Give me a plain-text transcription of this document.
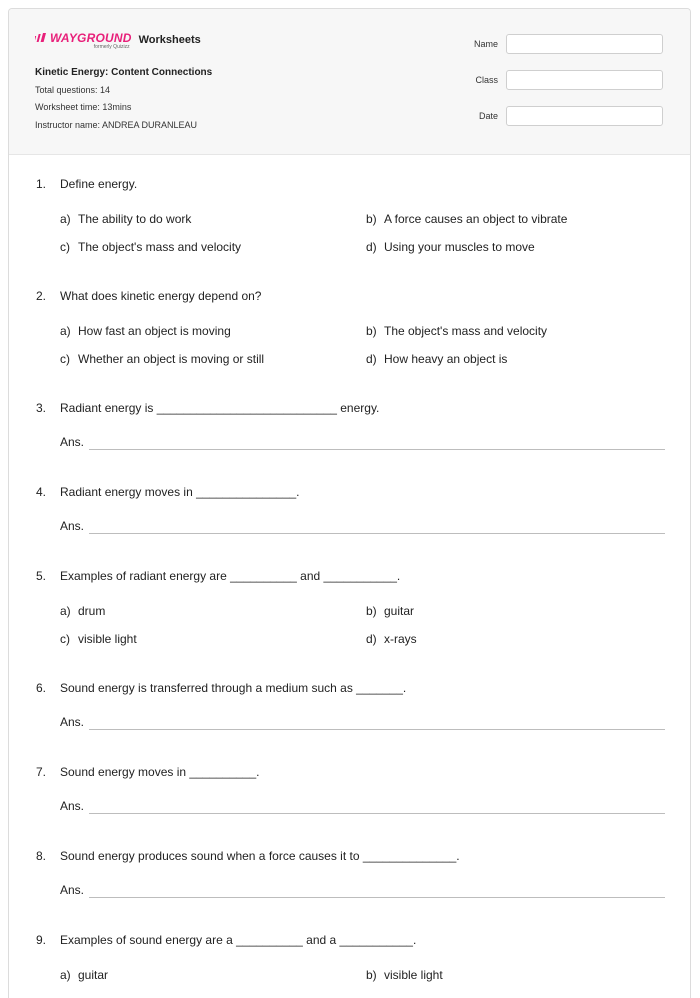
WAYGROUND
formerly Quizizz
Worksheets
Kinetic Energy: Content Connections
Total questions: 14
Worksheet time: 13mins
Instructor name: ANDREA DURANLEAU
Name
Class
Date
1. Define energy.
a) The ability to do work	b) A force causes an object to vibrate
c) The object's mass and velocity	d) Using your muscles to move
2. What does kinetic energy depend on?
a) How fast an object is moving	b) The object's mass and velocity
c) Whether an object is moving or still	d) How heavy an object is
3. Radiant energy is ___________________________ energy.
Ans.
4. Radiant energy moves in _______________.
Ans.
5. Examples of radiant energy are __________ and ___________.
a) drum	b) guitar
c) visible light	d) x-rays
6. Sound energy is transferred through a medium such as _______.
Ans.
7. Sound energy moves in __________.
Ans.
8. Sound energy produces sound when a force causes it to ______________.
Ans.
9. Examples of sound energy are a __________ and a ___________.
a) guitar	b) visible light
